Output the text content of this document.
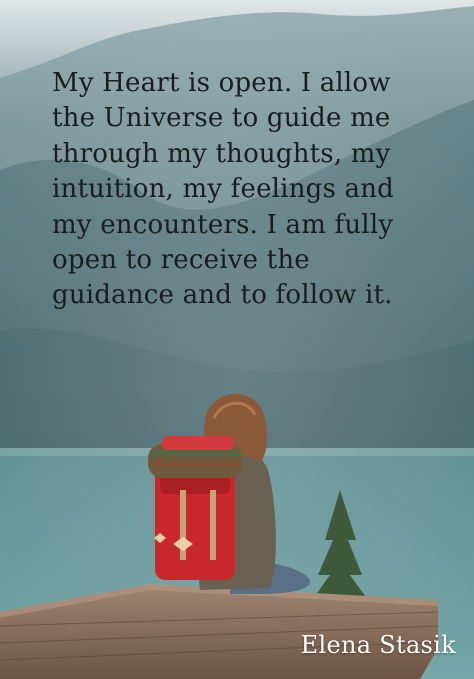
My Heart is open. I allow
the Universe to guide me
through my thoughts, my
intuition, my feelings and
my encounters. I am fully
open to receive the
guidance and to follow it.

Elena Stasik
